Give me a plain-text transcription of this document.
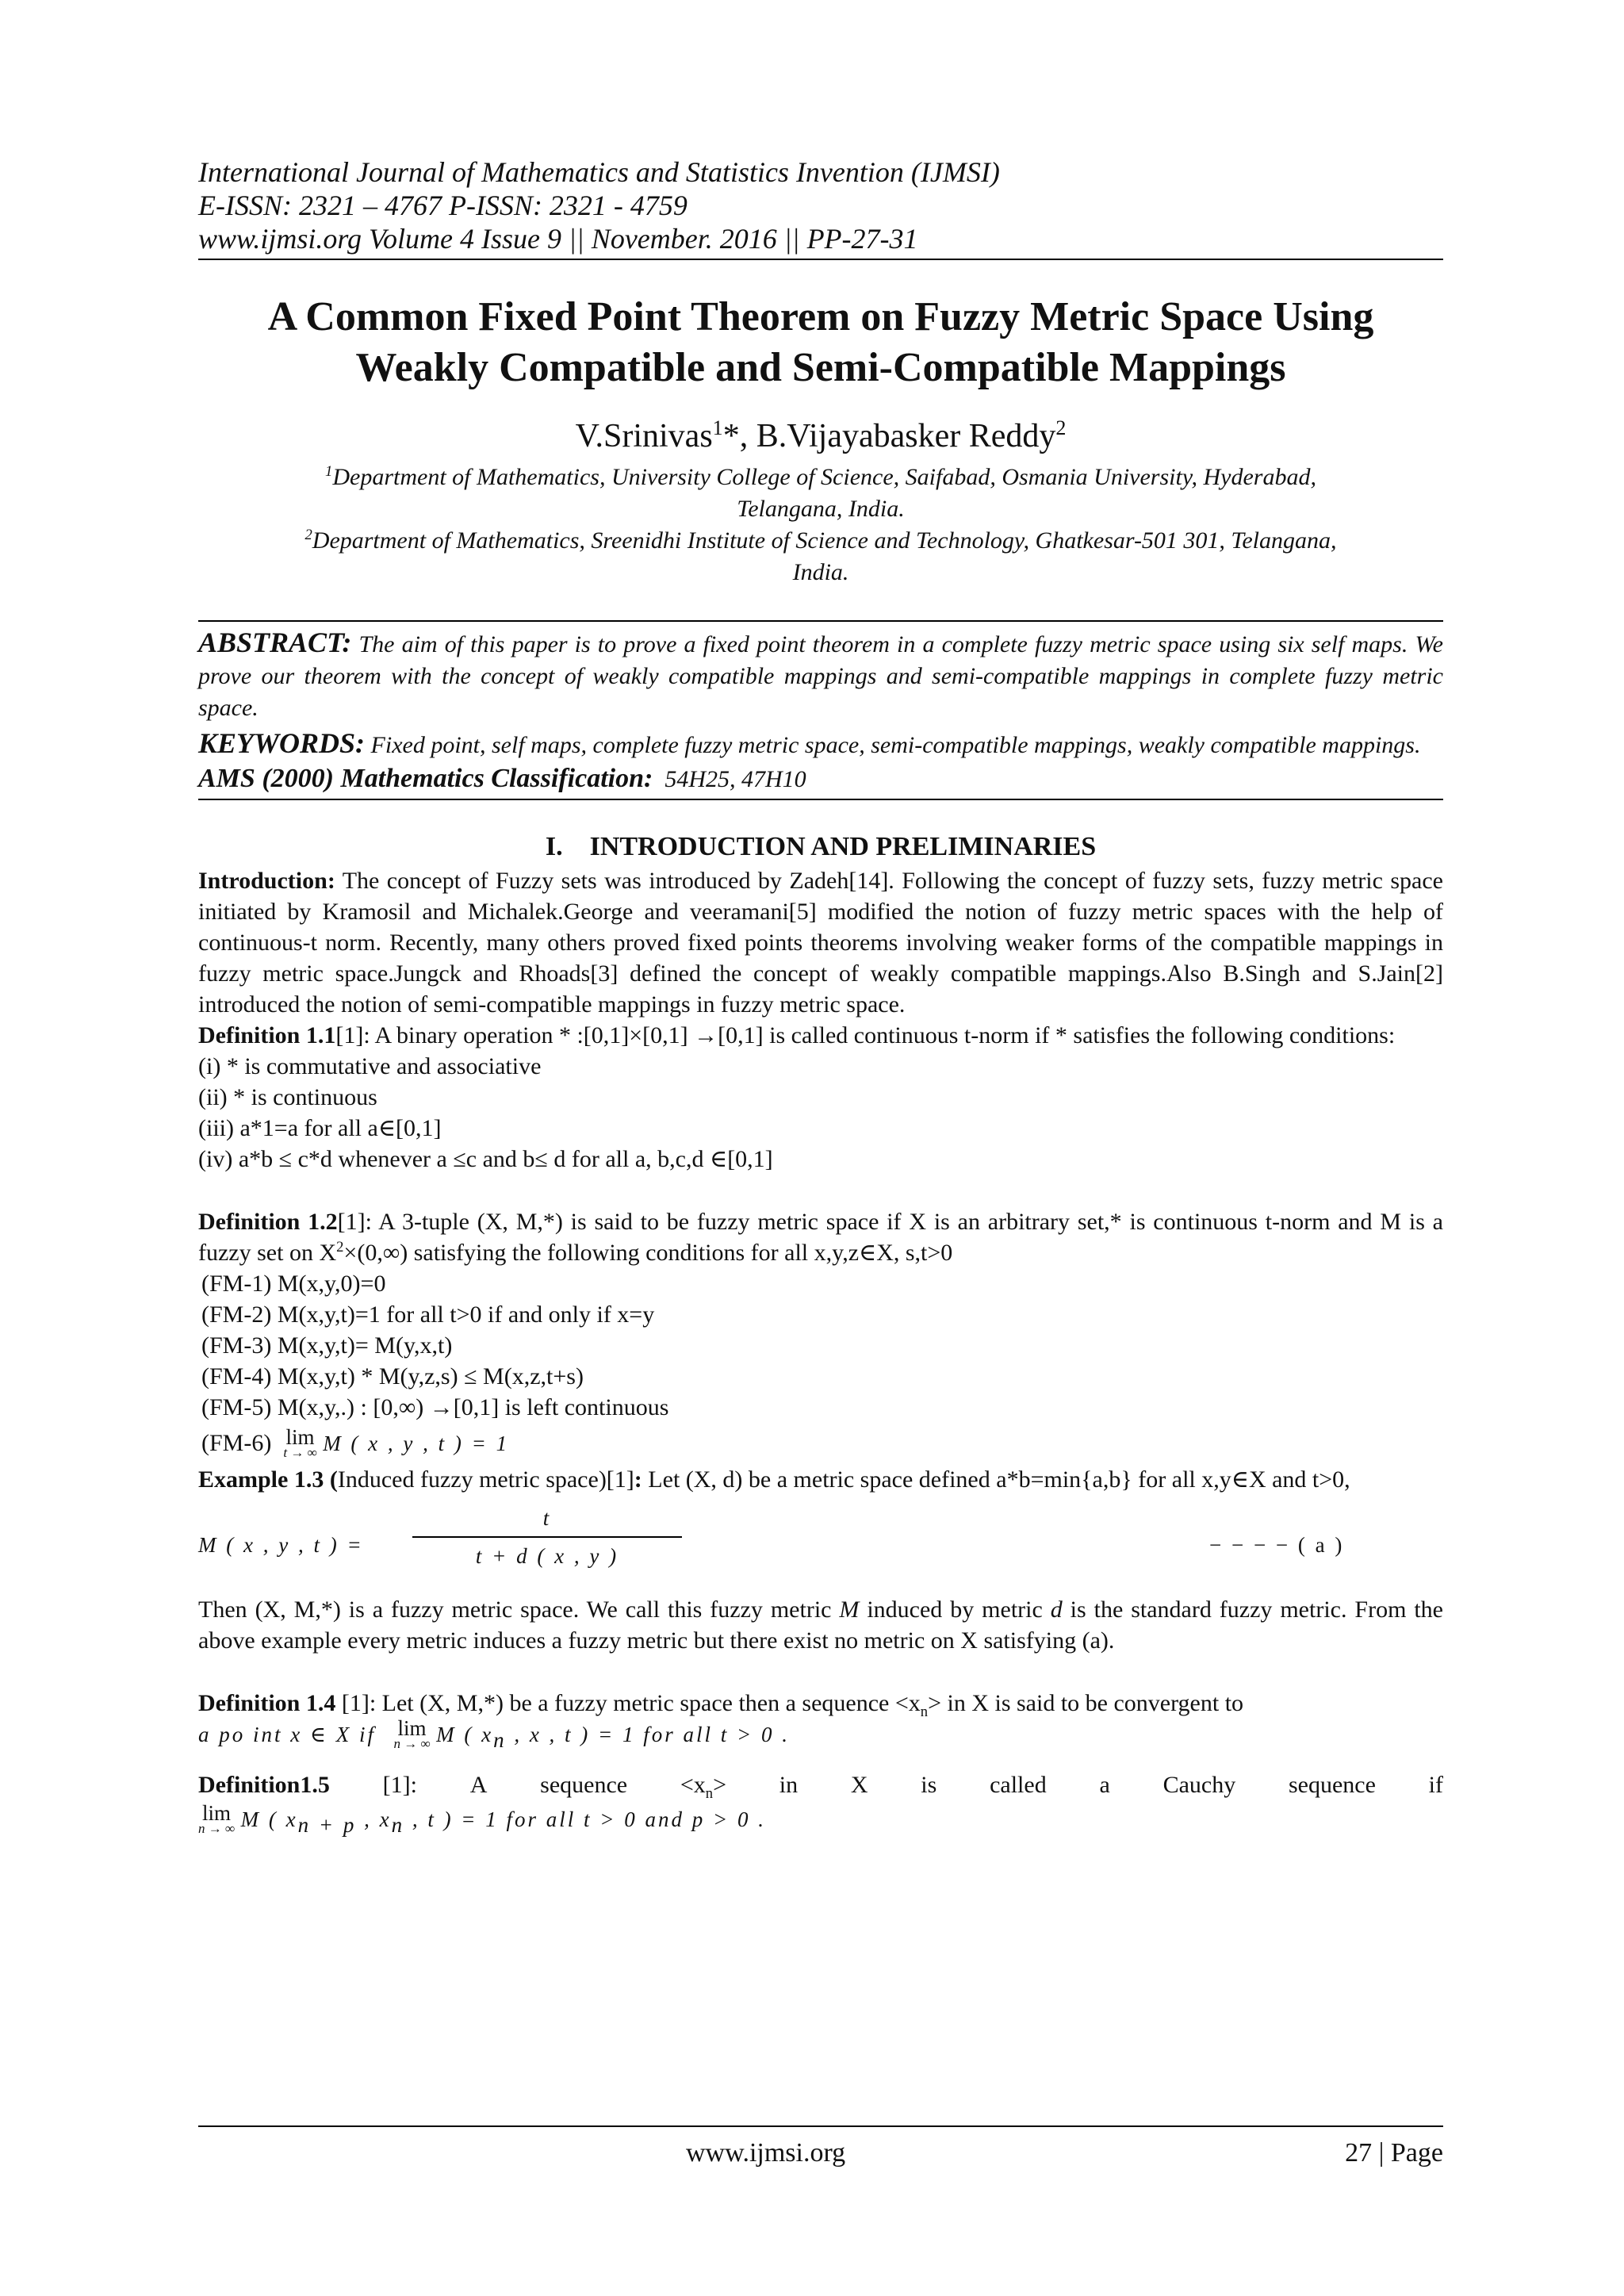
International Journal of Mathematics and Statistics Invention (IJMSI)
E-ISSN: 2321 – 4767 P-ISSN: 2321 - 4759
www.ijmsi.org Volume 4 Issue 9 || November. 2016 || PP-27-31
A Common Fixed Point Theorem on Fuzzy Metric Space Using
Weakly Compatible and Semi-Compatible Mappings
V.Srinivas$^1$*, B.Vijayabasker Reddy$^2$
$^1$Department of Mathematics, University College of Science, Saifabad, Osmania University, Hyderabad,
Telangana, India.
$^2$Department of Mathematics, Sreenidhi Institute of Science and Technology, Ghatkesar-501 301, Telangana,
India.
ABSTRACT: The aim of this paper is to prove a fixed point theorem in a complete fuzzy metric space using six self maps. We prove our theorem with the concept of weakly compatible mappings and semi-compatible mappings in complete fuzzy metric space.
KEYWORDS: Fixed point, self maps, complete fuzzy metric space, semi-compatible mappings, weakly compatible mappings.
AMS (2000) Mathematics Classification: 54H25, 47H10
I. INTRODUCTION AND PRELIMINARIES
Introduction: The concept of Fuzzy sets was introduced by Zadeh[14]. Following the concept of fuzzy sets, fuzzy metric space initiated by Kramosil and Michalek.George and veeramani[5] modified the notion of fuzzy metric spaces with the help of continuous-t norm. Recently, many others proved fixed points theorems involving weaker forms of the compatible mappings in fuzzy metric space.Jungck and Rhoads[3] defined the concept of weakly compatible mappings.Also B.Singh and S.Jain[2] introduced the notion of semi-compatible mappings in fuzzy metric space.
Definition 1.1[1]: A binary operation * :[0,1]×[0,1] →[0,1] is called continuous t-norm if * satisfies the following conditions:
(i) * is commutative and associative
(ii) * is continuous
(iii) a*1=a for all a∈[0,1]
(iv) a*b ≤ c*d whenever a ≤c and b≤ d for all a, b,c,d ∈[0,1]
Definition 1.2[1]: A 3-tuple (X, M,*) is said to be fuzzy metric space if X is an arbitrary set,* is continuous t-norm and M is a fuzzy set on $X^2\times(0,\infty)$ satisfying the following conditions for all x,y,z∈X, s,t>0
(FM-1) M(x,y,0)=0
(FM-2) M(x,y,t)=1 for all t>0 if and only if x=y
(FM-3) M(x,y,t)= M(y,x,t)
(FM-4) M(x,y,t) * M(y,z,s) ≤ M(x,z,t+s)
(FM-5) M(x,y,.) : [0,∞) →[0,1] is left continuous
(FM-6) lim
t → ∞ M ( x , y , t ) = 1
Example 1.3 (Induced fuzzy metric space)[1]: Let (X, d) be a metric space defined a*b=min{a,b} for all x,y∈X and t>0,
M ( x , y , t ) =
t
t + d ( x , y )	− − − − ( a )
Then (X, M,*) is a fuzzy metric space. We call this fuzzy metric M induced by metric d is the standard fuzzy metric. From the above example every metric induces a fuzzy metric but there exist no metric on X satisfying (a).
Definition 1.4 [1]: Let (X, M,*) be a fuzzy metric space then a sequence $<x_n>$ in X is said to be convergent to
a po int x ∈ X if lim
n → ∞ M ( $x_n$ , x , t ) = 1 for all t > 0 .
Definition1.5 [1]: A sequence $<x_n>$ in X is called a Cauchy sequence if
lim
n → ∞ M ( $x_{n + p}$ , $x_n$ , t ) = 1 for all t > 0 and p > 0 .
www.ijmsi.org	27 | Page
